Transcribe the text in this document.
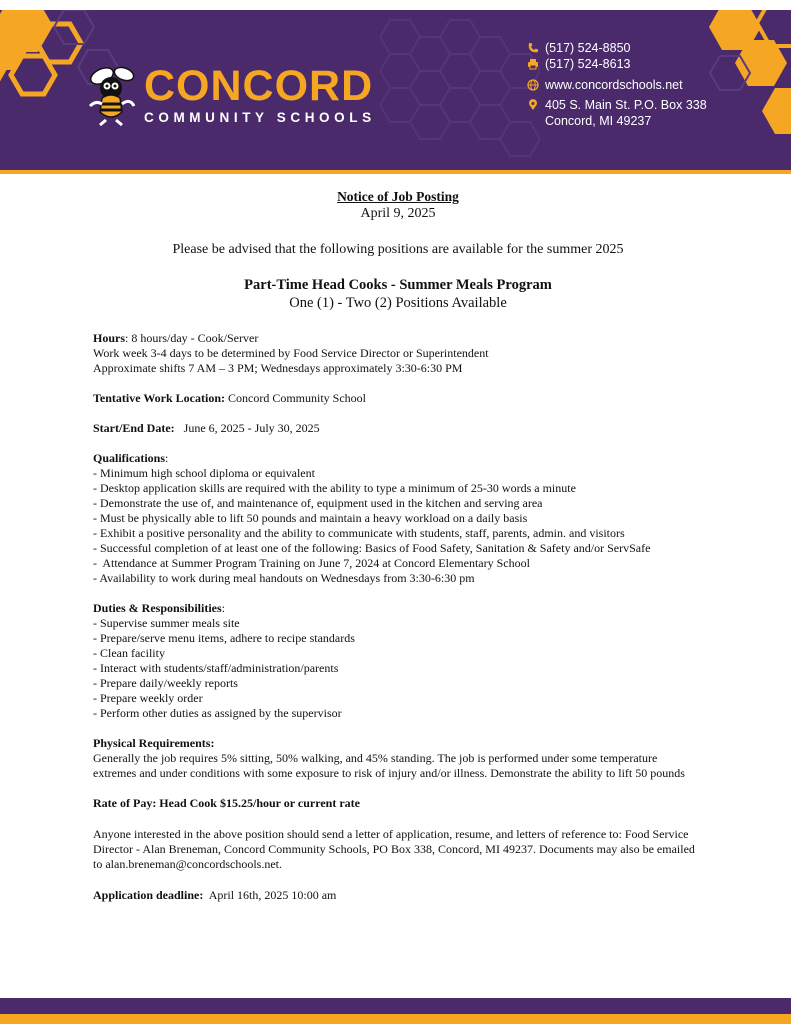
CONCORD
COMMUNITY SCHOOLS
(517) 524-8850
(517) 524-8613
www.concordschools.net
405 S. Main St. P.O. Box 338
Concord, MI 49237
Notice of Job Posting
April 9, 2025
Please be advised that the following positions are available for the summer 2025
Part-Time Head Cooks - Summer Meals Program
One (1) - Two (2) Positions Available
Hours: 8 hours/day - Cook/Server
Work week 3-4 days to be determined by Food Service Director or Superintendent
Approximate shifts 7 AM – 3 PM; Wednesdays approximately 3:30-6:30 PM
Tentative Work Location: Concord Community School
Start/End Date:   June 6, 2025 - July 30, 2025
Qualifications:
- Minimum high school diploma or equivalent
- Desktop application skills are required with the ability to type a minimum of 25-30 words a minute
- Demonstrate the use of, and maintenance of, equipment used in the kitchen and serving area
- Must be physically able to lift 50 pounds and maintain a heavy workload on a daily basis
- Exhibit a positive personality and the ability to communicate with students, staff, parents, admin. and visitors
- Successful completion of at least one of the following: Basics of Food Safety, Sanitation & Safety and/or ServSafe
-  Attendance at Summer Program Training on June 7, 2024 at Concord Elementary School
- Availability to work during meal handouts on Wednesdays from 3:30-6:30 pm
Duties & Responsibilities:
- Supervise summer meals site
- Prepare/serve menu items, adhere to recipe standards
- Clean facility
- Interact with students/staff/administration/parents
- Prepare daily/weekly reports
- Prepare weekly order
- Perform other duties as assigned by the supervisor
Physical Requirements:
Generally the job requires 5% sitting, 50% walking, and 45% standing. The job is performed under some temperature extremes and under conditions with some exposure to risk of injury and/or illness. Demonstrate the ability to lift 50 pounds
Rate of Pay: Head Cook $15.25/hour or current rate
Anyone interested in the above position should send a letter of application, resume, and letters of reference to: Food Service Director - Alan Breneman, Concord Community Schools, PO Box 338, Concord, MI 49237. Documents may also be emailed to alan.breneman@concordschools.net.
Application deadline:  April 16th, 2025 10:00 am
